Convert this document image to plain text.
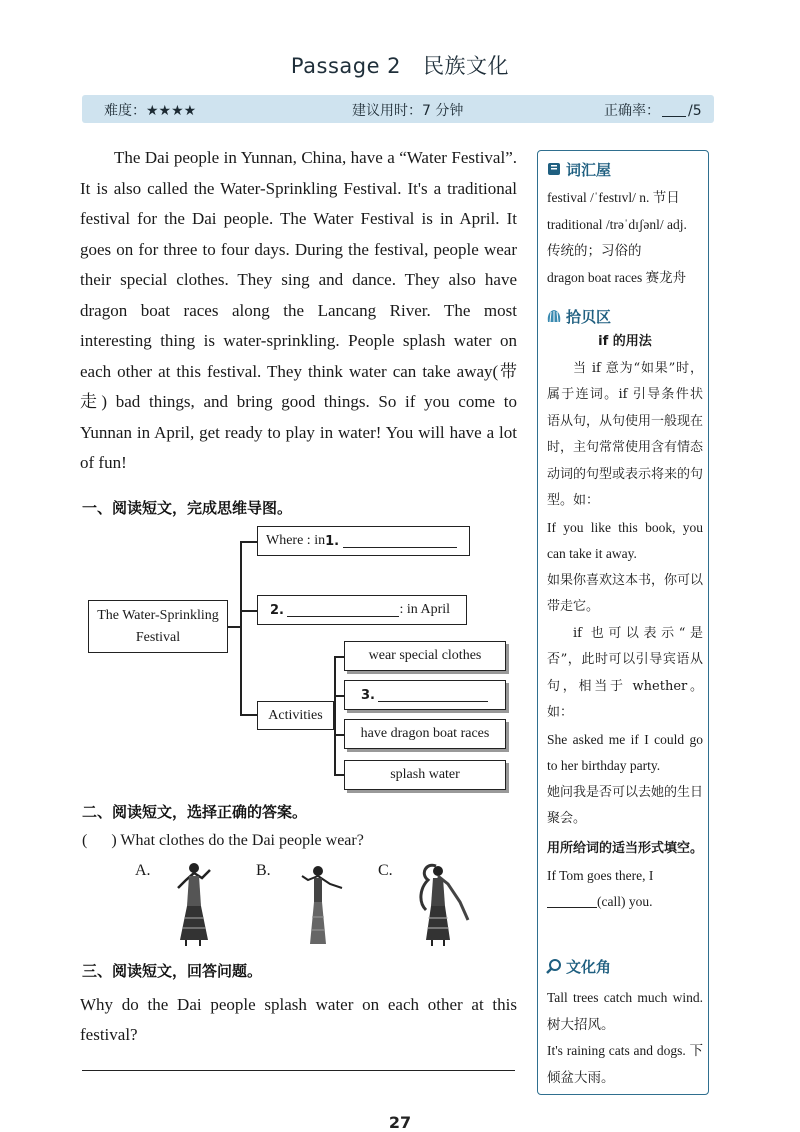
Passage 2 民族文化
难度：★★★★	建议用时：7 分钟	正确率： /5

The Dai people in Yunnan, China, have a “Water Festival”. It is also called the Water-Sprinkling Festival. It's a traditional festival for the Dai people. The Water Festival is in April. It goes on for three to four days. During the festival, people wear their special clothes. They sing and dance. They also have dragon boat races along the Lancang River. The most interesting thing is water-sprinkling. People splash water on each other at this festival. They think water can take away(带走) bad things, and bring good things. So if you come to Yunnan in April, get ready to play in water! You will have a lot of fun!

一、阅读短文，完成思维导图。
The Water-Sprinkling Festival
Where : in 1.

2.
	: in April
Activities
wear special clothes
3.

have dragon boat races
splash water
二、阅读短文，选择正确的答案。
(      ) What clothes do the Dai people wear?
A.	B.	C.
三、阅读短文，回答问题。
Why do the Dai people splash water on each other at this festival?
27
词汇屋
festival /ˈfestɪvl/ n. 节日
traditional /trəˈdɪʃənl/ adj. 传统的；习俗的
dragon boat races 赛龙舟
拾贝区
if 的用法
当 if 意为“如果”时，属于连词。if 引导条件状语从句，从句使用一般现在时，主句常常使用含有情态动词的句型或表示将来的句型。如：
If you like this book, you can take it away.
如果你喜欢这本书，你可以带走它。
if 也可以表示“是否”，此时可以引导宾语从句，相当于 whether。如：
She asked me if I could go to her birthday party.
她问我是否可以去她的生日聚会。
用所给词的适当形式填空。
If Tom goes there, I
(call) you.
文化角
Tall trees catch much wind. 树大招风。
It's raining cats and dogs. 下倾盆大雨。
